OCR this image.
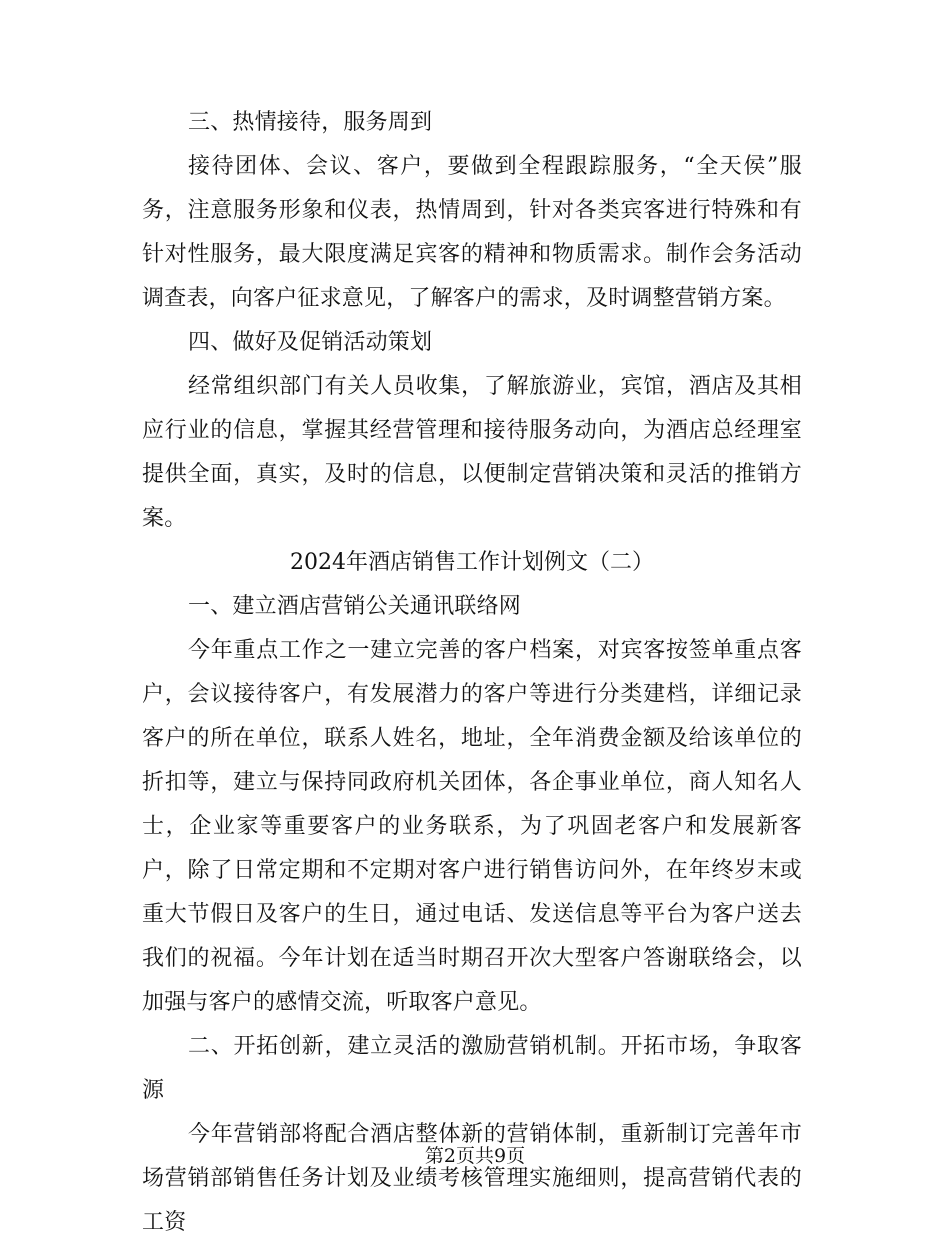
三、热情接待，服务周到

接待团体、会议、客户，要做到全程跟踪服务，“全天侯”服务，注意服务形象和仪表，热情周到，针对各类宾客进行特殊和有针对性服务，最大限度满足宾客的精神和物质需求。制作会务活动调查表，向客户征求意见，了解客户的需求，及时调整营销方案。

四、做好及促销活动策划

经常组织部门有关人员收集，了解旅游业，宾馆，酒店及其相应行业的信息，掌握其经营管理和接待服务动向，为酒店总经理室提供全面，真实，及时的信息，以便制定营销决策和灵活的推销方案。

2024年酒店销售工作计划例文（二）

一、建立酒店营销公关通讯联络网

今年重点工作之一建立完善的客户档案，对宾客按签单重点客户，会议接待客户，有发展潜力的客户等进行分类建档，详细记录客户的所在单位，联系人姓名，地址，全年消费金额及给该单位的折扣等，建立与保持同政府机关团体，各企事业单位，商人知名人士，企业家等重要客户的业务联系，为了巩固老客户和发展新客户，除了日常定期和不定期对客户进行销售访问外，在年终岁末或重大节假日及客户的生日，通过电话、发送信息等平台为客户送去我们的祝福。今年计划在适当时期召开次大型客户答谢联络会，以加强与客户的感情交流，听取客户意见。

二、开拓创新，建立灵活的激励营销机制。开拓市场，争取客源

今年营销部将配合酒店整体新的营销体制，重新制订完善年市场营销部销售任务计划及业绩考核管理实施细则，提高营销代表的工资

第2页共9页
